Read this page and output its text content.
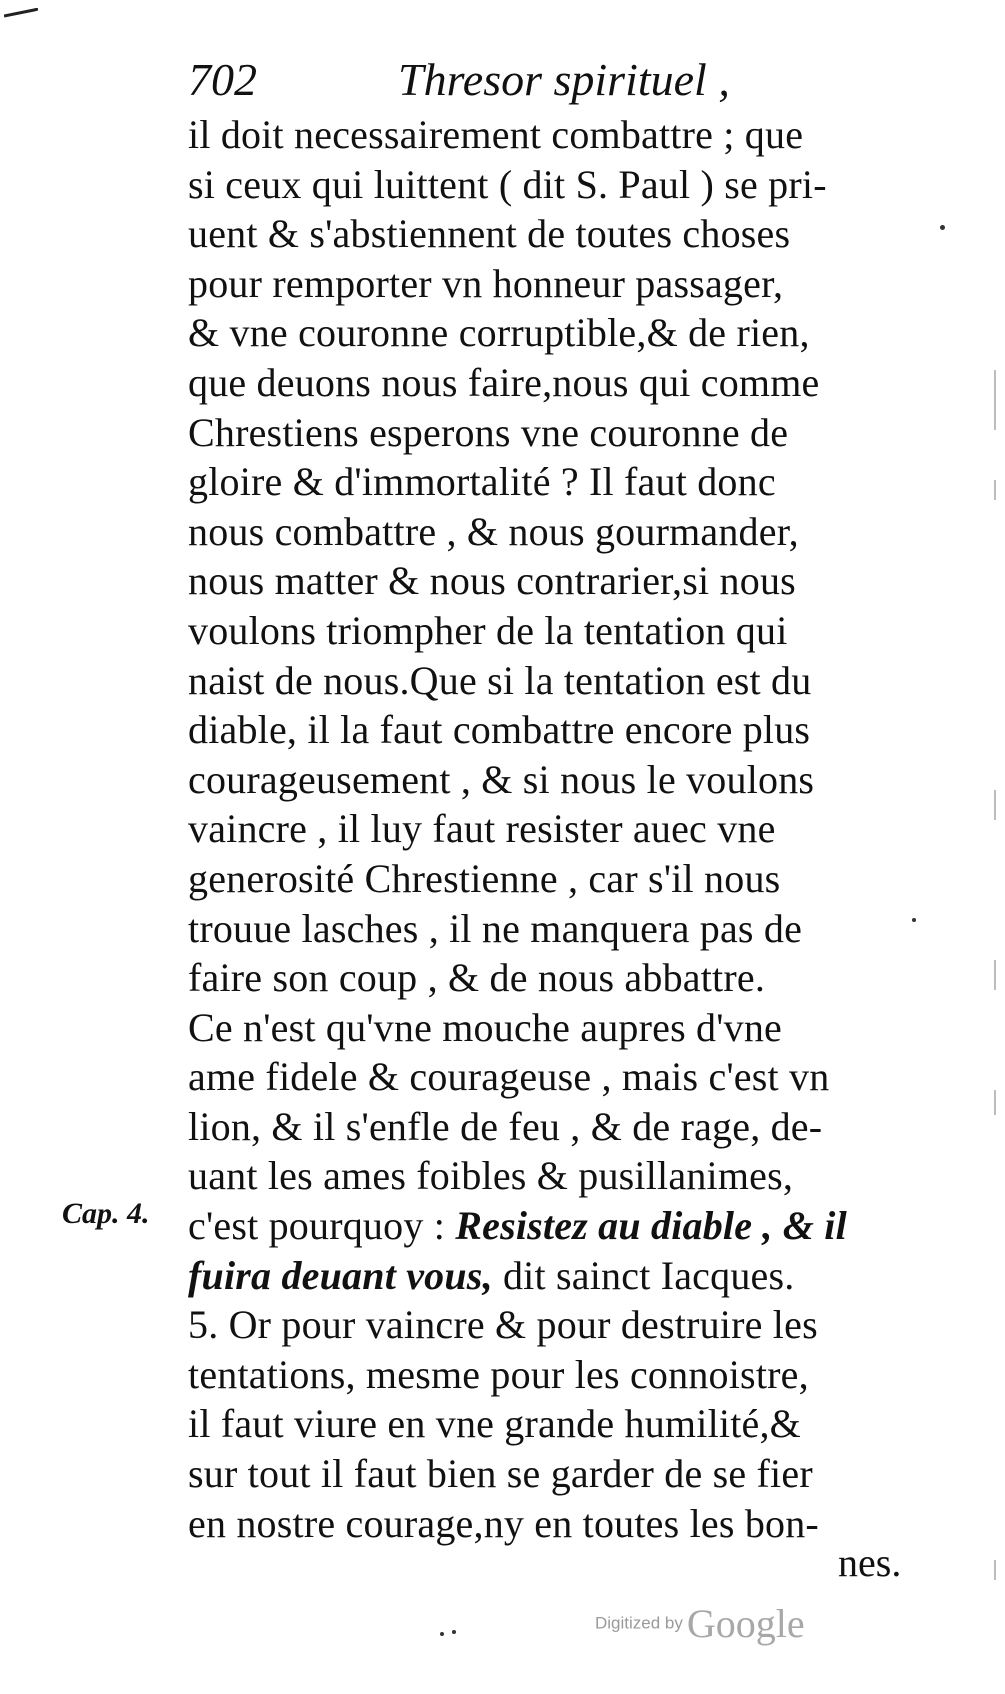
702	Thresor spirituel ,
Cap. 4.
il doit necessairement combattre ; que
si ceux qui luittent ( dit S. Paul ) se pri-
uent & s'abstiennent de toutes choses
pour remporter vn honneur passager,
& vne couronne corruptible,& de rien,
que deuons nous faire,nous qui comme
Chrestiens esperons vne couronne de
gloire & d'immortalité ? Il faut donc
nous combattre , & nous gourmander,
nous matter & nous contrarier,si nous
voulons triompher de la tentation qui
naist de nous.Que si la tentation est du
diable, il la faut combattre encore plus
courageusement , & si nous le voulons
vaincre , il luy faut resister auec vne
generosité Chrestienne , car s'il nous
trouue lasches , il ne manquera pas de
faire son coup , & de nous abbattre.
Ce n'est qu'vne mouche aupres d'vne
ame fidele & courageuse , mais c'est vn
lion, & il s'enfle de feu , & de rage, de-
uant les ames foibles & pusillanimes,
c'est pourquoy : Resistez au diable , & il
fuira deuant vous, dit sainct Iacques.
5. Or pour vaincre & pour destruire les
tentations, mesme pour les connoistre,
il faut viure en vne grande humilité,&
sur tout il faut bien se garder de se fier
en nostre courage,ny en toutes les bon-
nes.
Digitized by Google
